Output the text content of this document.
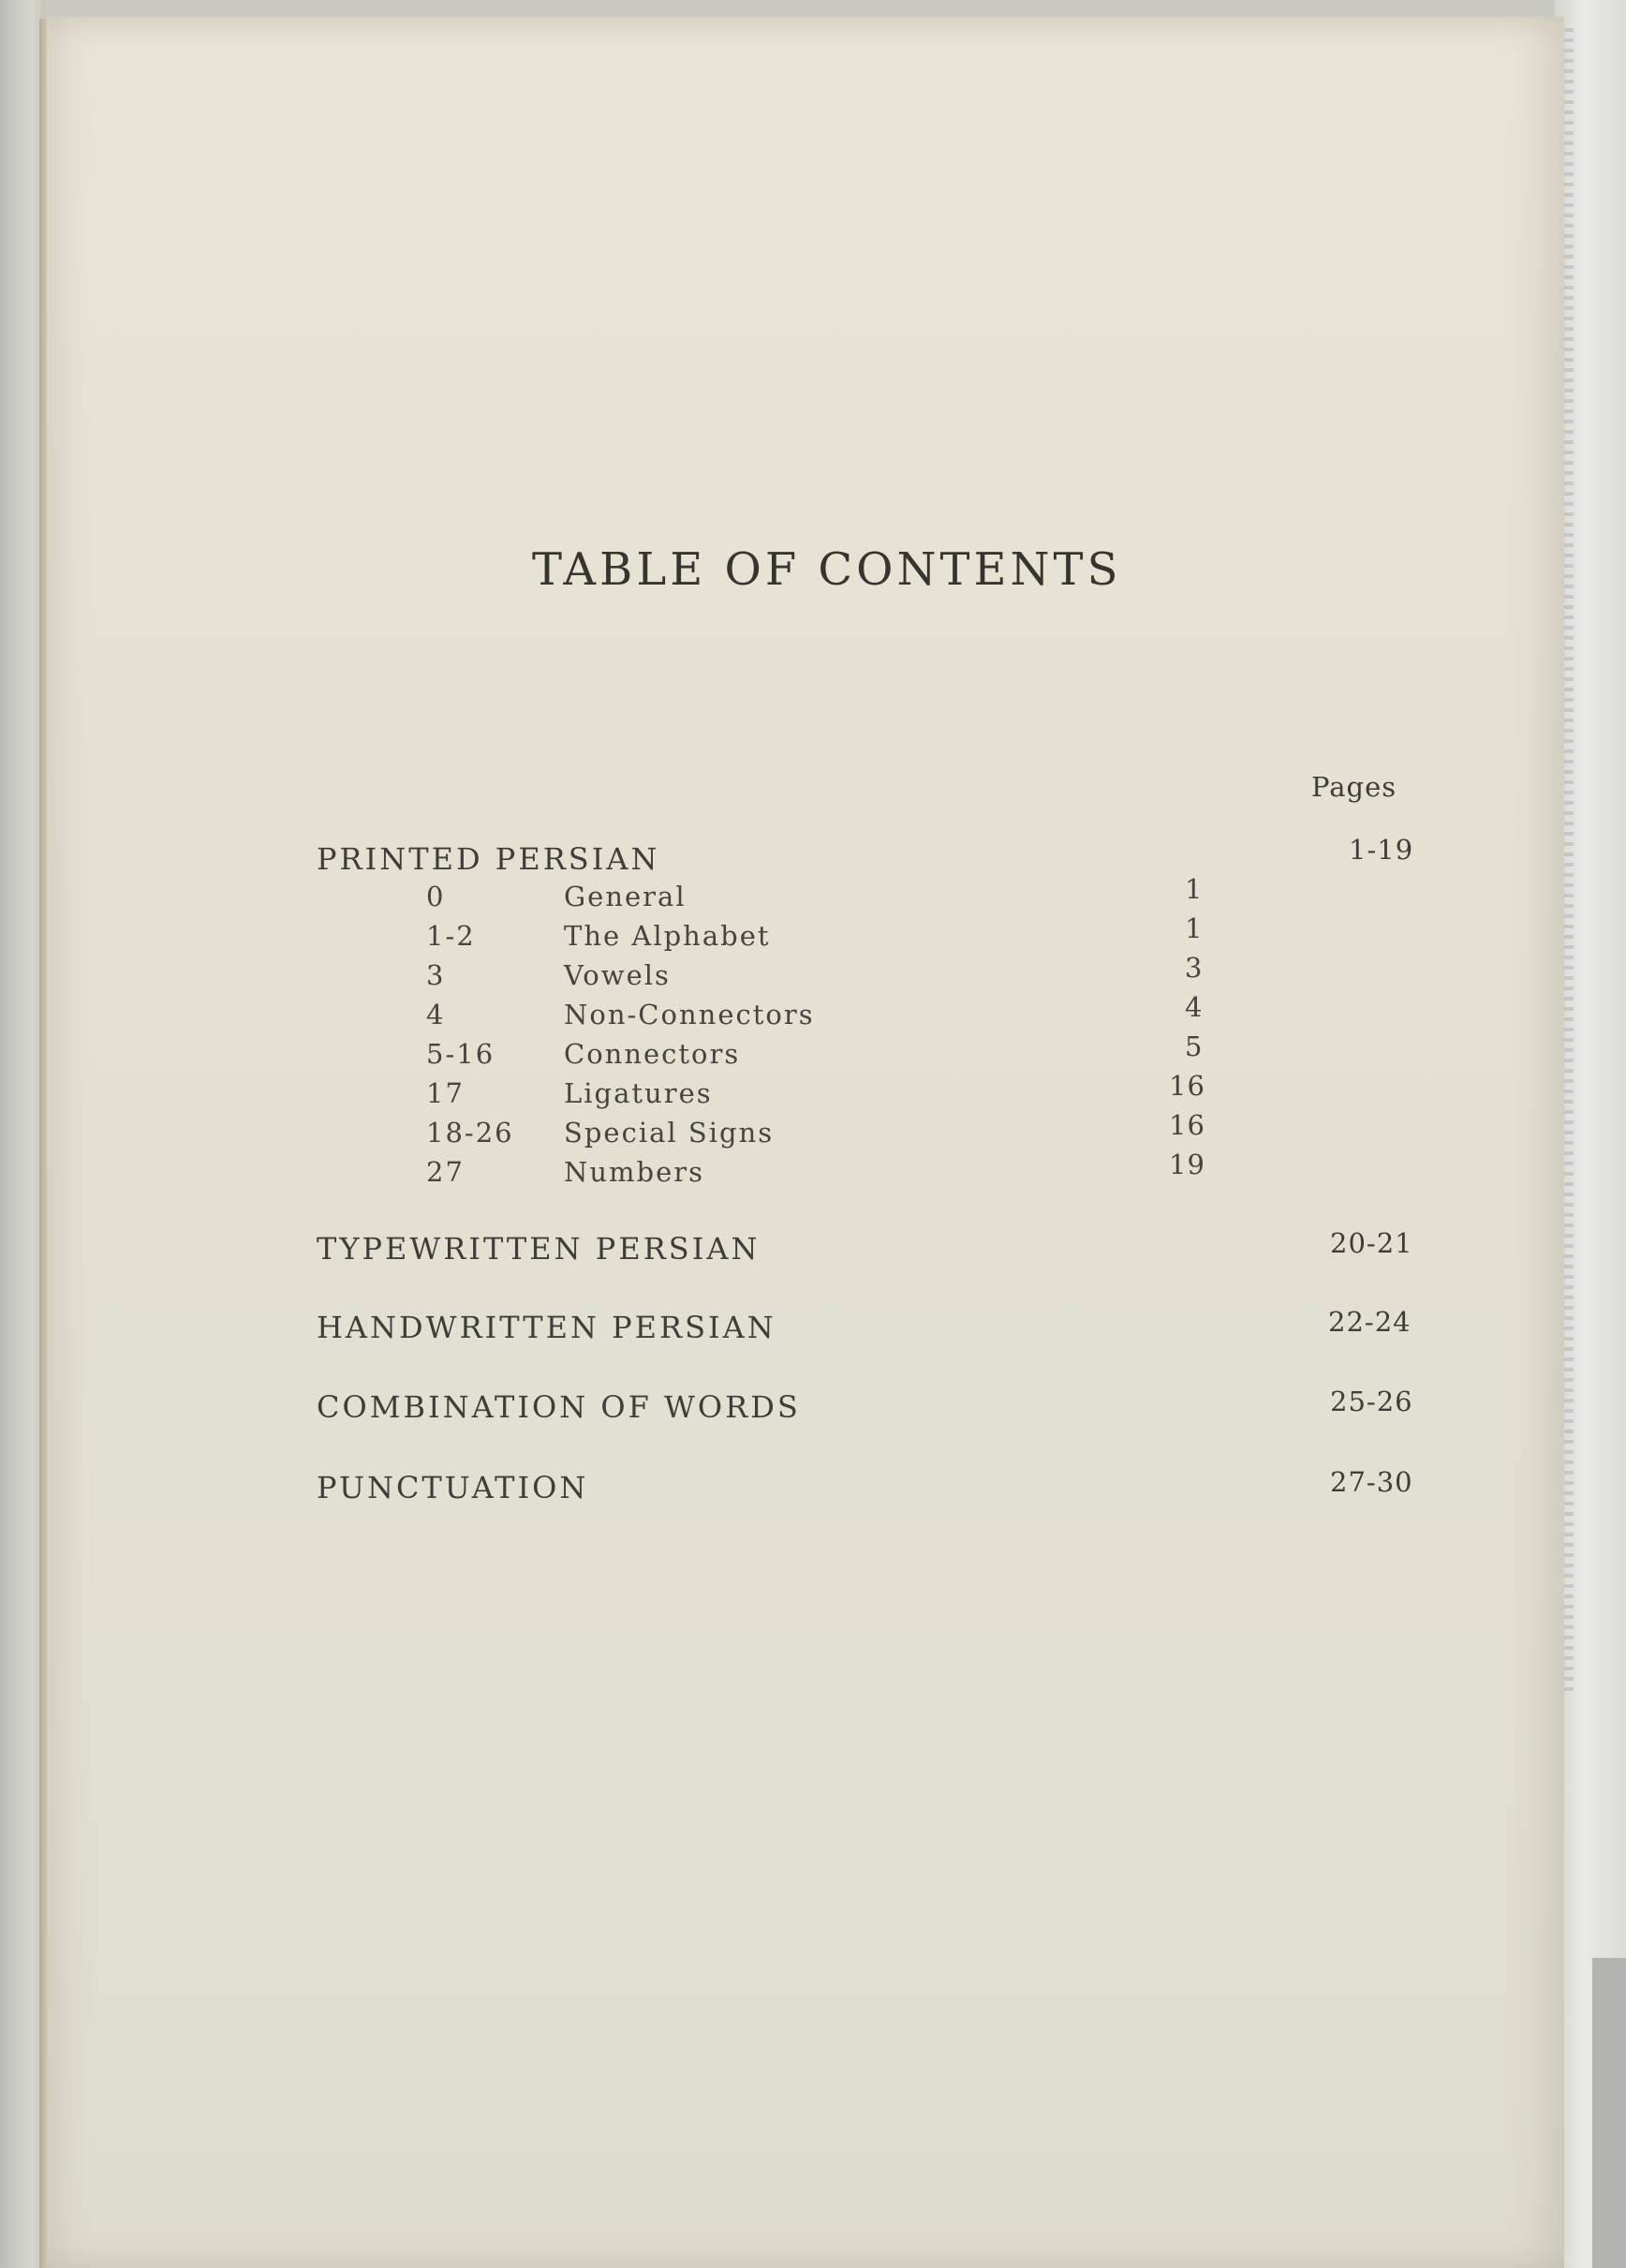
TABLE OF CONTENTS
Pages
PRINTED PERSIAN	1-19
0	General	1
1-2	The Alphabet	1
3	Vowels	3
4	Non-Connectors	4
5-16	Connectors	5
17	Ligatures	16
18-26 Special Signs	16
27	Numbers	19
TYPEWRITTEN PERSIAN	20-21
HANDWRITTEN PERSIAN	22-24
COMBINATION OF WORDS	25-26
PUNCTUATION	27-30
